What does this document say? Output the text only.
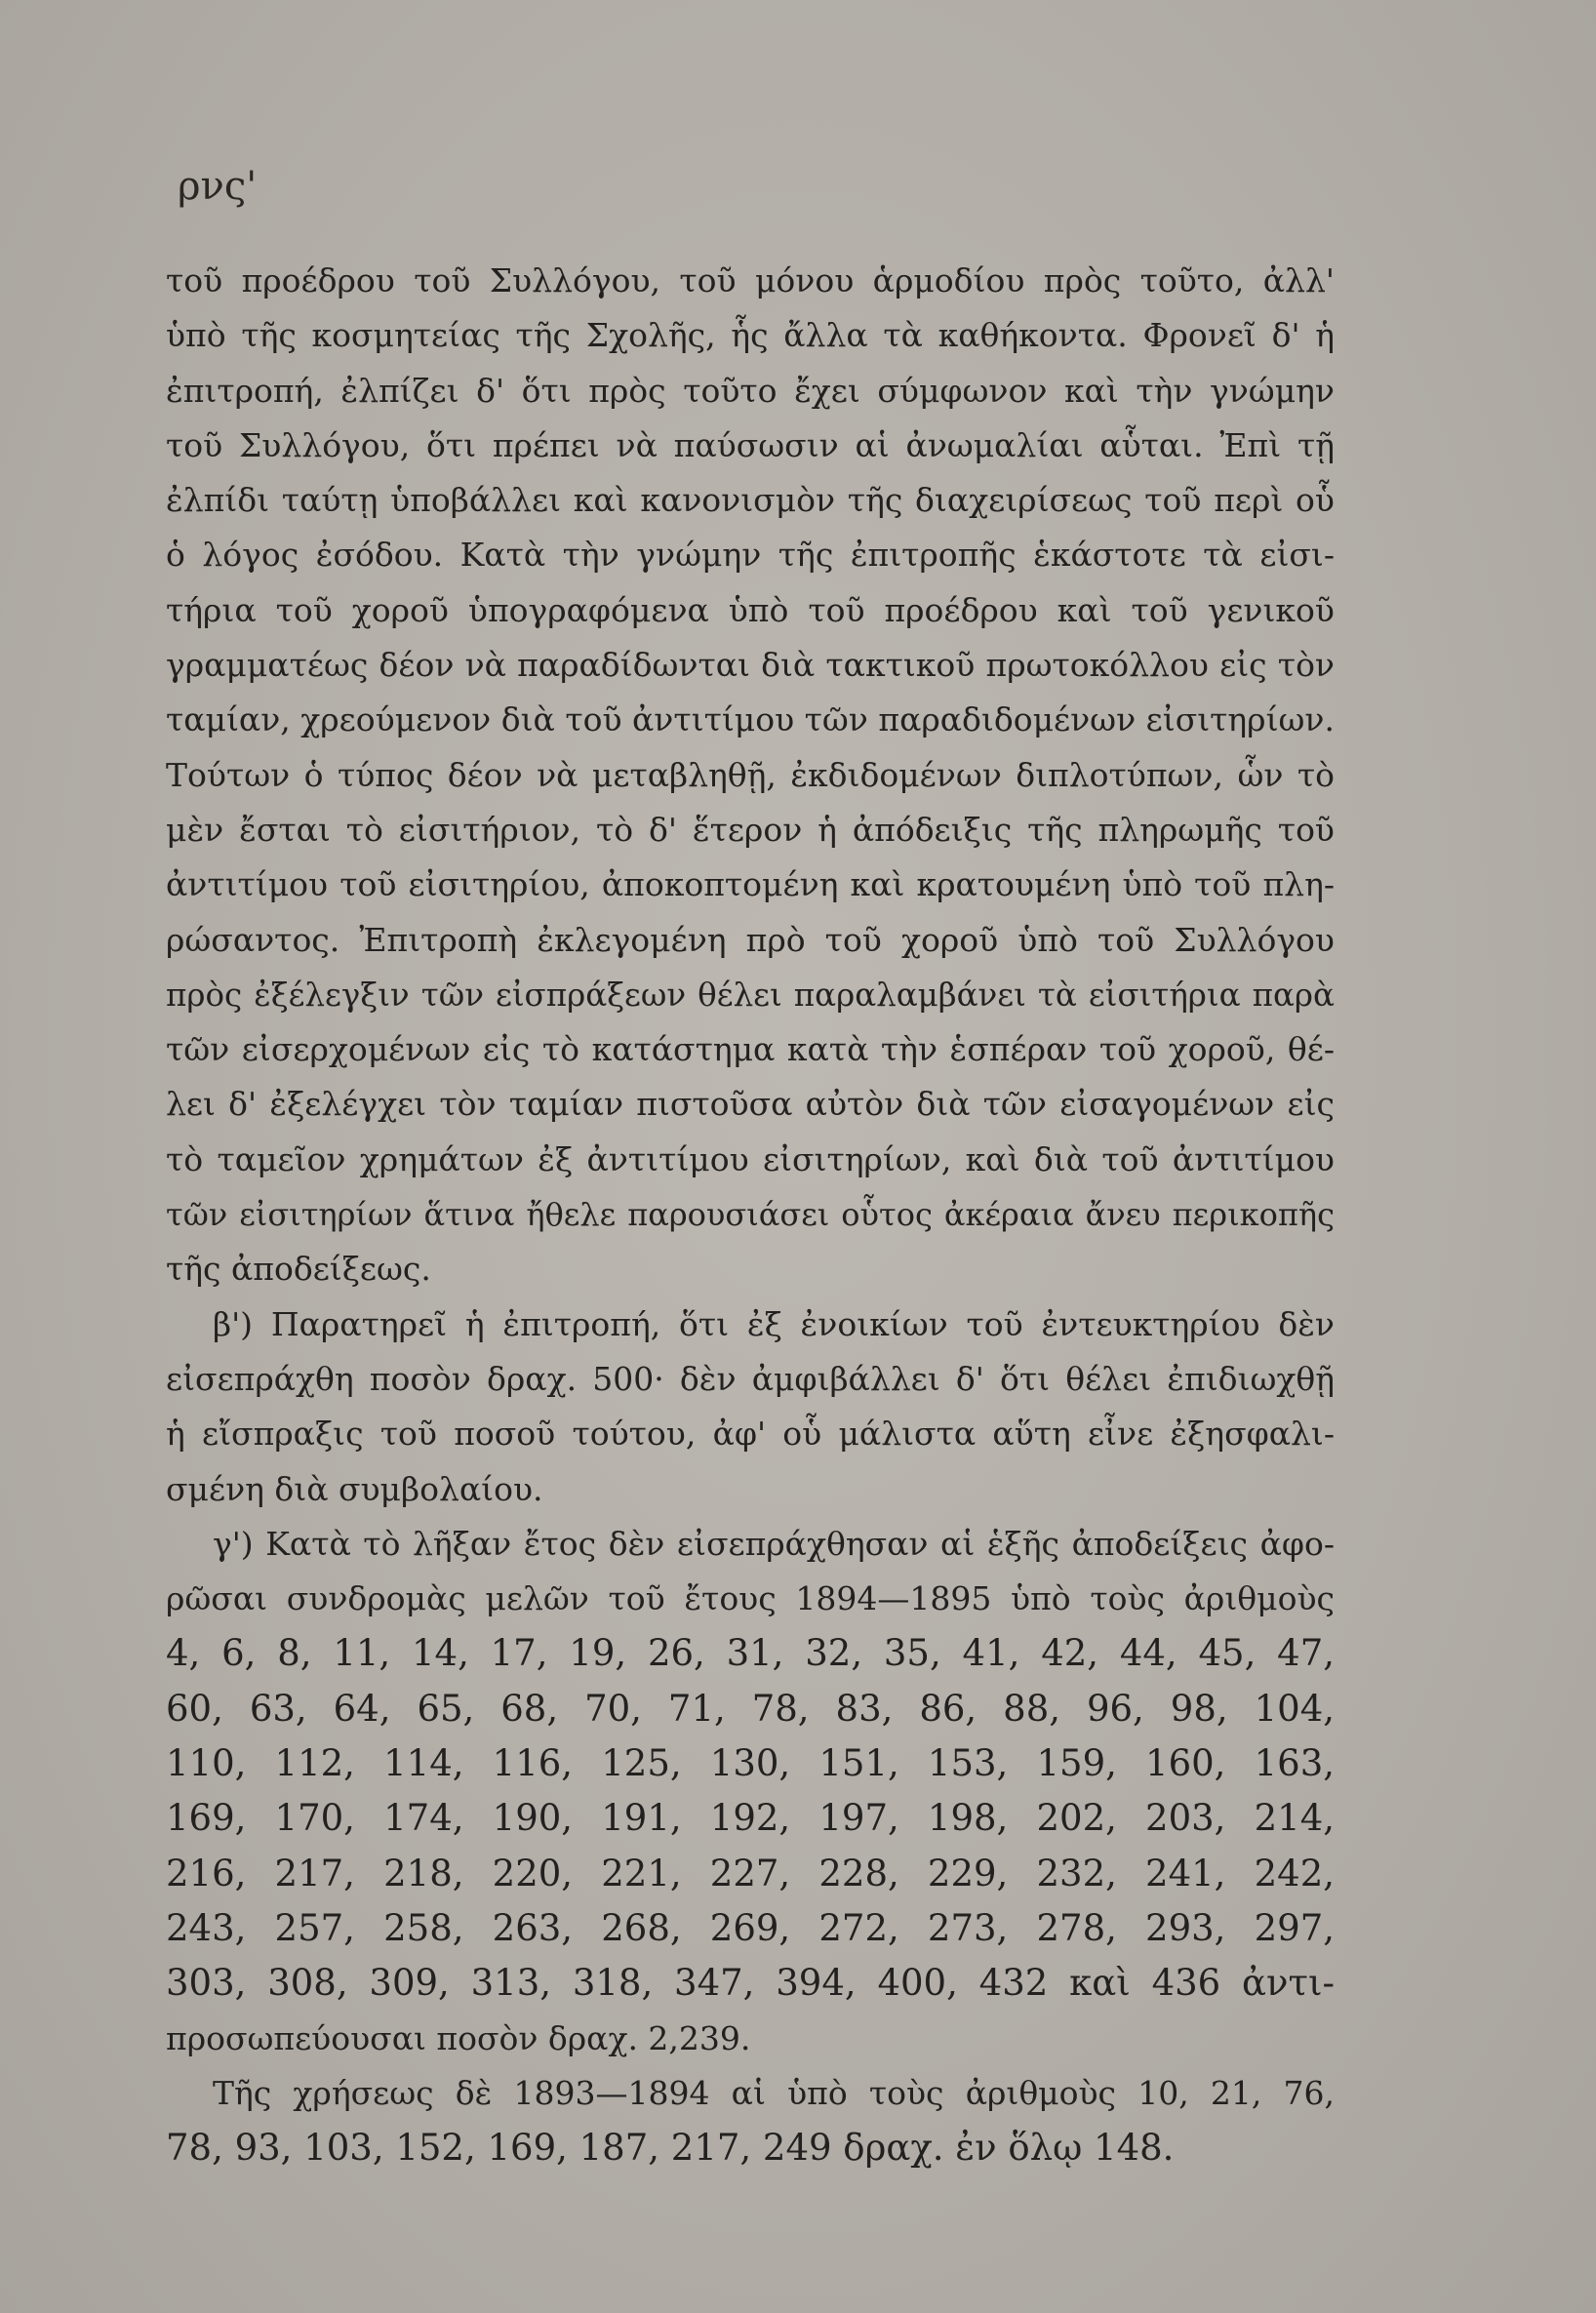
ρνς'
τοῦ προέδρου τοῦ Συλλόγου, τοῦ μόνου ἁρμοδίου πρὸς τοῦτο, ἀλλ'
ὑπὸ τῆς κοσμητείας τῆς Σχολῆς, ἧς ἄλλα τὰ καθήκοντα. Φρονεῖ δ' ἡ
ἐπιτροπή, ἐλπίζει δ' ὅτι πρὸς τοῦτο ἔχει σύμφωνον καὶ τὴν γνώμην
τοῦ Συλλόγου, ὅτι πρέπει νὰ παύσωσιν αἱ ἀνωμαλίαι αὗται. Ἐπὶ τῇ
ἐλπίδι ταύτῃ ὑποβάλλει καὶ κανονισμὸν τῆς διαχειρίσεως τοῦ περὶ οὗ
ὁ λόγος ἐσόδου. Κατὰ τὴν γνώμην τῆς ἐπιτροπῆς ἑκάστοτε τὰ εἰσι-
τήρια τοῦ χοροῦ ὑπογραφόμενα ὑπὸ τοῦ προέδρου καὶ τοῦ γενικοῦ
γραμματέως δέον νὰ παραδίδωνται διὰ τακτικοῦ πρωτοκόλλου εἰς τὸν
ταμίαν, χρεούμενον διὰ τοῦ ἀντιτίμου τῶν παραδιδομένων εἰσιτηρίων.
Τούτων ὁ τύπος δέον νὰ μεταβληθῇ, ἐκδιδομένων διπλοτύπων, ὧν τὸ
μὲν ἔσται τὸ εἰσιτήριον, τὸ δ' ἕτερον ἡ ἀπόδειξις τῆς πληρωμῆς τοῦ
ἀντιτίμου τοῦ εἰσιτηρίου, ἀποκοπτομένη καὶ κρατουμένη ὑπὸ τοῦ πλη-
ρώσαντος. Ἐπιτροπὴ ἐκλεγομένη πρὸ τοῦ χοροῦ ὑπὸ τοῦ Συλλόγου
πρὸς ἐξέλεγξιν τῶν εἰσπράξεων θέλει παραλαμβάνει τὰ εἰσιτήρια παρὰ
τῶν εἰσερχομένων εἰς τὸ κατάστημα κατὰ τὴν ἑσπέραν τοῦ χοροῦ, θέ-
λει δ' ἐξελέγχει τὸν ταμίαν πιστοῦσα αὐτὸν διὰ τῶν εἰσαγομένων εἰς
τὸ ταμεῖον χρημάτων ἐξ ἀντιτίμου εἰσιτηρίων, καὶ διὰ τοῦ ἀντιτίμου
τῶν εἰσιτηρίων ἅτινα ἤθελε παρουσιάσει οὗτος ἀκέραια ἄνευ περικοπῆς
τῆς ἀποδείξεως.
β') Παρατηρεῖ ἡ ἐπιτροπή, ὅτι ἐξ ἐνοικίων τοῦ ἐντευκτηρίου δὲν
εἰσεπράχθη ποσὸν δραχ. 500· δὲν ἀμφιβάλλει δ' ὅτι θέλει ἐπιδιωχθῇ
ἡ εἴσπραξις τοῦ ποσοῦ τούτου, ἀφ' οὗ μάλιστα αὕτη εἶνε ἐξησφαλι-
σμένη διὰ συμβολαίου.
γ') Κατὰ τὸ λῆξαν ἔτος δὲν εἰσεπράχθησαν αἱ ἑξῆς ἀποδείξεις ἀφο-
ρῶσαι συνδρομὰς μελῶν τοῦ ἔτους 1894—1895 ὑπὸ τοὺς ἀριθμοὺς
4, 6, 8, 11, 14, 17, 19, 26, 31, 32, 35, 41, 42, 44, 45, 47,
60, 63, 64, 65, 68, 70, 71, 78, 83, 86, 88, 96, 98, 104,
110, 112, 114, 116, 125, 130, 151, 153, 159, 160, 163,
169, 170, 174, 190, 191, 192, 197, 198, 202, 203, 214,
216, 217, 218, 220, 221, 227, 228, 229, 232, 241, 242,
243, 257, 258, 263, 268, 269, 272, 273, 278, 293, 297,
303, 308, 309, 313, 318, 347, 394, 400, 432 καὶ 436 ἀντι-
προσωπεύουσαι ποσὸν δραχ. 2,239.
Τῆς χρήσεως δὲ 1893—1894 αἱ ὑπὸ τοὺς ἀριθμοὺς 10, 21, 76,
78, 93, 103, 152, 169, 187, 217, 249 δραχ. ἐν ὅλῳ 148.
